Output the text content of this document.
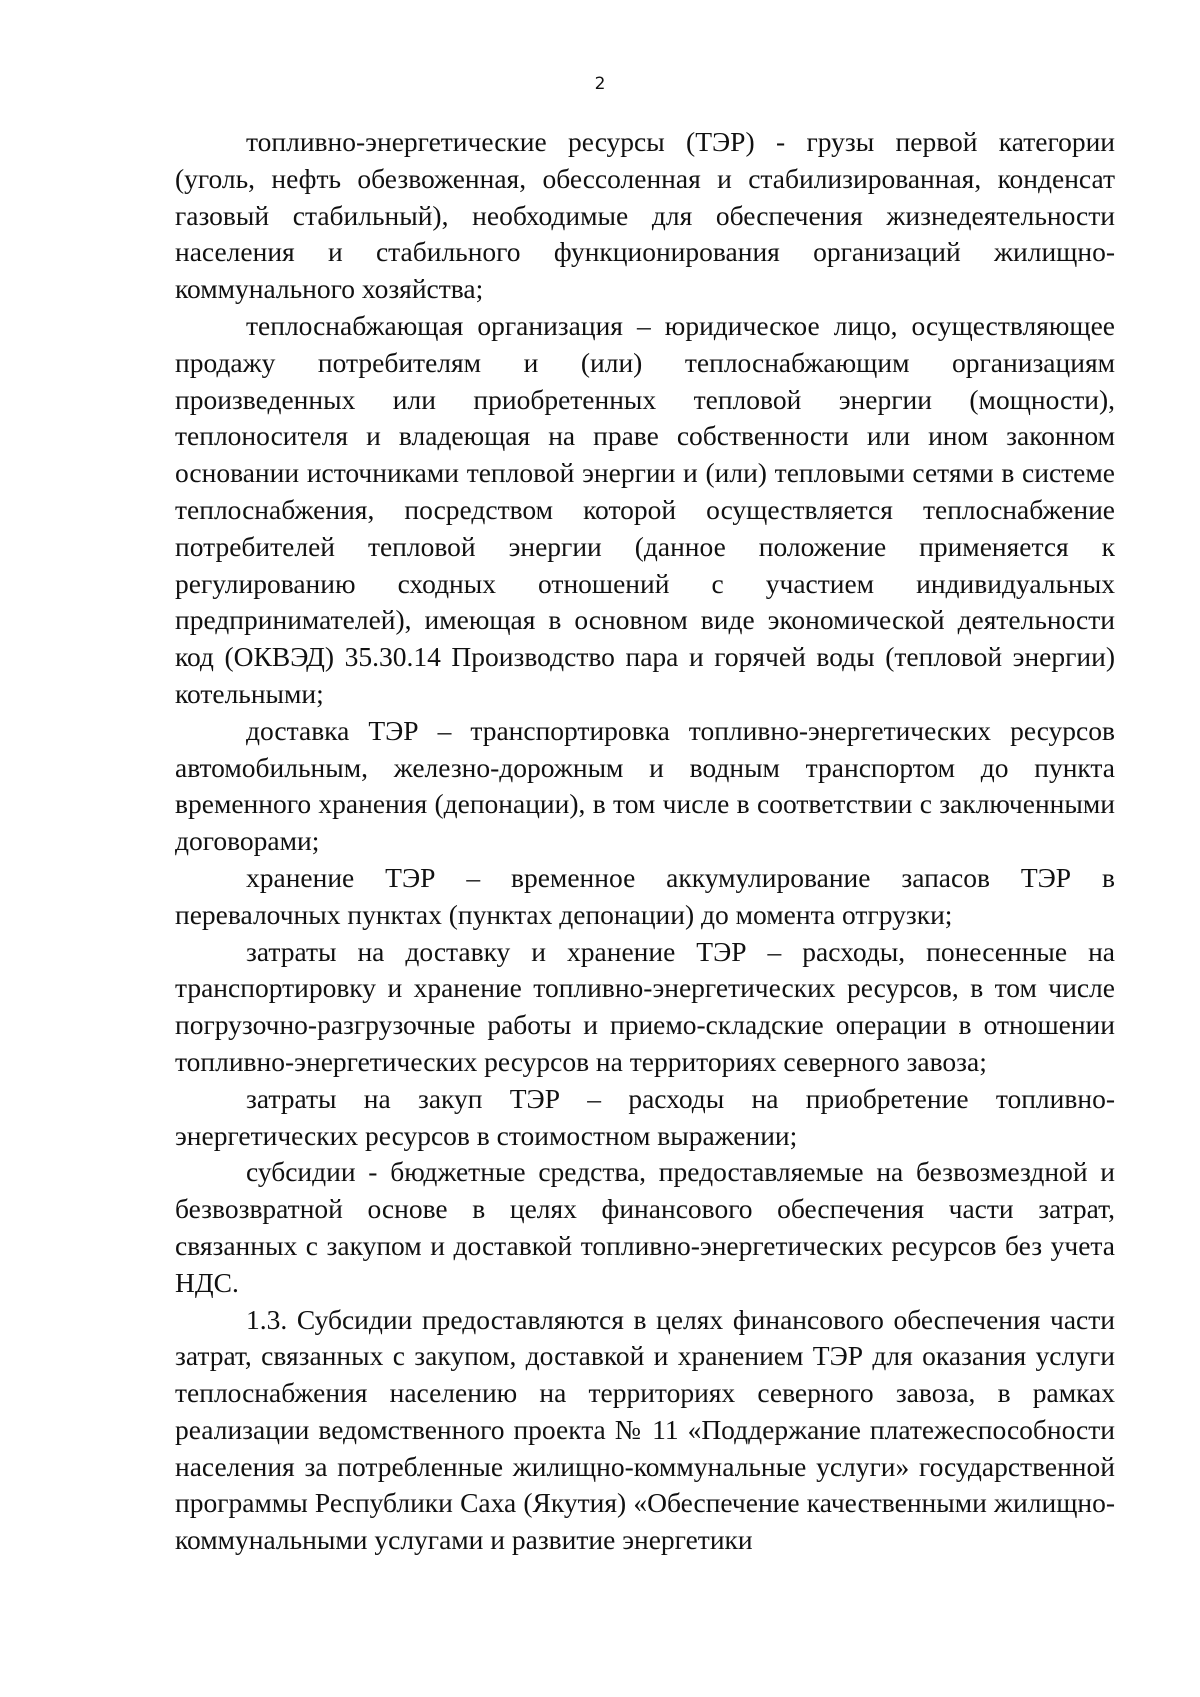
2

топливно-энергетические ресурсы (ТЭР) - грузы первой категории (уголь, нефть обезвоженная, обессоленная и стабилизированная, конденсат газовый стабильный), необходимые для обеспечения жизнедеятельности населения и стабильного функционирования организаций жилищно-коммунального хозяйства;

теплоснабжающая организация – юридическое лицо, осуществляющее продажу потребителям и (или) теплоснабжающим организациям произведенных или приобретенных тепловой энергии (мощности), теплоносителя и владеющая на праве собственности или ином законном основании источниками тепловой энергии и (или) тепловыми сетями в системе теплоснабжения, посредством которой осуществляется теплоснабжение потребителей тепловой энергии (данное положение применяется к регулированию сходных отношений с участием индивидуальных предпринимателей), имеющая в основном виде экономической деятельности код (ОКВЭД) 35.30.14 Производство пара и горячей воды (тепловой энергии) котельными;

доставка ТЭР – транспортировка топливно-энергетических ресурсов автомобильным, железно-дорожным и водным транспортом до пункта временного хранения (депонации), в том числе в соответствии с заключенными договорами;

хранение ТЭР – временное аккумулирование запасов ТЭР в перевалочных пунктах (пунктах депонации) до момента отгрузки;

затраты на доставку и хранение ТЭР – расходы, понесенные на транспортировку и хранение топливно-энергетических ресурсов, в том числе погрузочно-разгрузочные работы и приемо-складские операции в отношении топливно-энергетических ресурсов на территориях северного завоза;

затраты на закуп ТЭР – расходы на приобретение топливно-энергетических ресурсов в стоимостном выражении;

субсидии - бюджетные средства, предоставляемые на безвозмездной и безвозвратной основе в целях финансового обеспечения части затрат, связанных с закупом и доставкой топливно-энергетических ресурсов без учета НДС.

1.3. Субсидии предоставляются в целях финансового обеспечения части затрат, связанных с закупом, доставкой и хранением ТЭР для оказания услуги теплоснабжения населению на территориях северного завоза, в рамках реализации ведомственного проекта № 11 «Поддержание платежеспособности населения за потребленные жилищно-коммунальные услуги» государственной программы Республики Саха (Якутия) «Обеспечение качественными жилищно-коммунальными услугами и развитие энергетики
